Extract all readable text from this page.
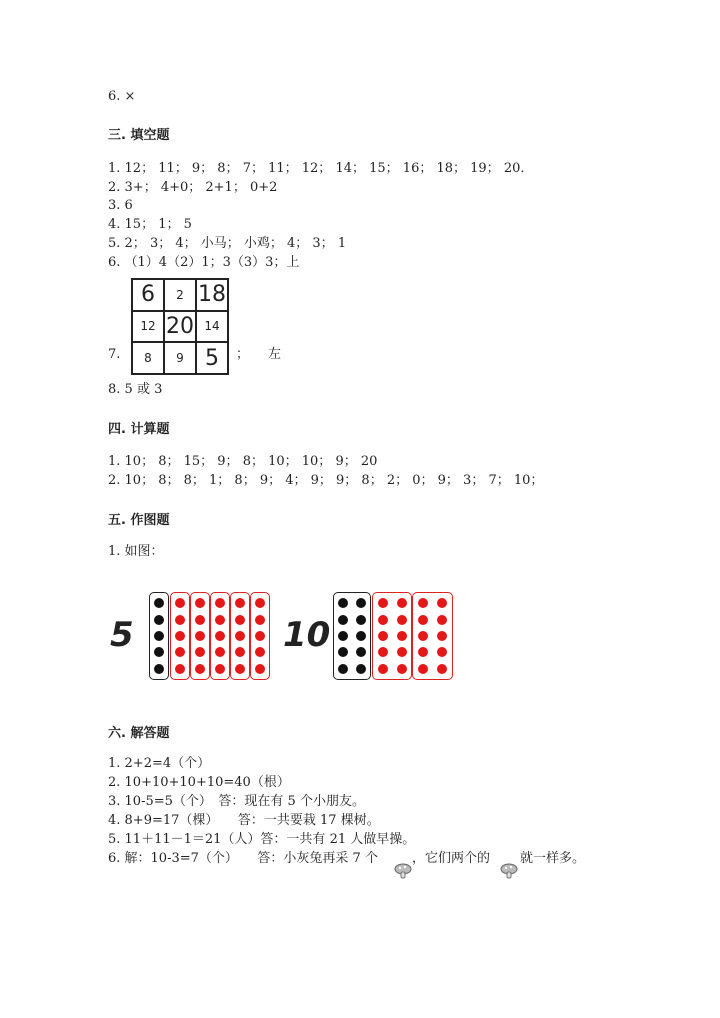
6. ×
三. 填空题
1. 12； 11； 9； 8； 7； 11； 12； 14； 15； 16； 18； 19； 20．
2. 3+； 4+0； 2+1； 0+2
3. 6
4. 15； 1； 5
5. 2； 3； 4； 小马； 小鸡； 4； 3； 1
6. （1）4（2）1；3（3）3；上
6	2 18
12 20 14
8	9 5
7.	； 左
8. 5 或 3
四. 计算题
1. 10； 8； 15； 9； 8； 10； 10； 9； 20
2. 10； 8； 8； 1； 8； 9； 4； 9； 9； 8； 2； 0； 9； 3； 7； 10；
五. 作图题
1. 如图：
5	10
六. 解答题
1. 2+2=4（个）
2. 10+10+10+10=40（根）
3. 10-5=5（个）　答：现在有 5 个小朋友。
4. 8+9=17（棵）　　答：一共要栽 17 棵树。
5. 11＋11－1＝21（人）答：一共有 21 人做早操。
6. 解：10-3=7（个）　　答：小灰兔再采 7 个	，它们两个的 就一样多。
